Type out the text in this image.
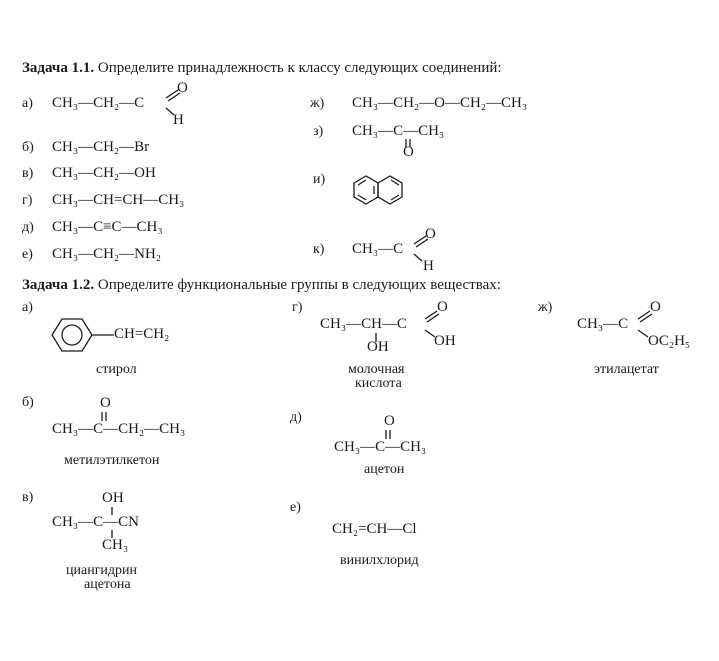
Задача 1.1. Определите принадлежность к классу следующих соединений:
а) CH₃—CH₂—C
O
H
б) CH₃—CH₂—Br
в) CH₃—CH₂—OH
г) CH₃—CH=CH—CH₃
д) CH₃—C≡C—CH₃
е) CH₃—CH₂—NH₂
ж) CH₃—CH₂—O—CH₂—CH₃
з) CH₃—C—CH₃
O
и)
к) CH₃—C
O
H
Задача 1.2. Определите функциональные группы в следующих веществах:
а)
CH=CH₂
стирол
г)
CH₃—CH—C
O
OH
OH
молочная
кислота
ж)
CH₃—C
O
OC₂H₅
этилацетат
б)	O
CH₃—C—CH₂—CH₃
метилэтилкетон
д)	O
CH₃—C—CH₃
ацетон
в)	OH
CH₃—C—CN
CH₃
циангидрин
ацетона
е)
CH₂=CH—Cl
винилхлорид
